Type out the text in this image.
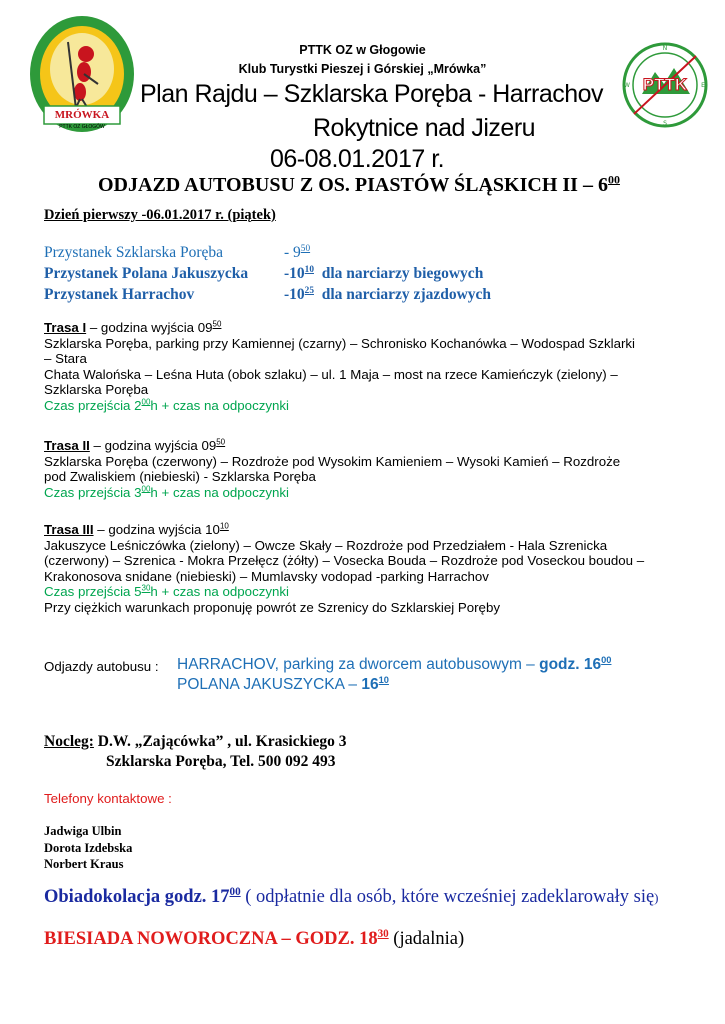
MRÓWKA
PTTK OZ GŁOGÓW
N
S
W	E
PTTK
PTTK OZ w Głogowie
Klub Turystki Pieszej i Górskiej „Mrówka”
Plan Rajdu – Szklarska Poręba - Harrachov
Rokytnice nad Jizeru
06-08.01.2017 r.
ODJAZD AUTOBUSU Z OS. PIASTÓW ŚLĄSKICH II – $6^{00}$
Dzień pierwszy -06.01.2017 r. (piątek)
Przystanek Szklarska Poręba	- $9^{50}$
Przystanek Polana Jakuszycka $-10^{10}$ dla narciarzy biegowych
Przystanek Harrachov	$-10^{25}$ dla narciarzy zjazdowych
Trasa I – godzina wyjścia $09^{50}$
Szklarska Poręba, parking przy Kamiennej (czarny) – Schronisko Kochanówka – Wodospad Szklarki
– Stara
Chata Walońska – Leśna Huta (obok szlaku) – ul. 1 Maja – most na rzece Kamieńczyk (zielony) –
Szklarska Poręba
Czas przejścia $2^{00}h$ + czas na odpoczynki
Trasa II – godzina wyjścia $09^{50}$
Szklarska Poręba (czerwony) – Rozdroże pod Wysokim Kamieniem – Wysoki Kamień – Rozdroże
pod Zwaliskiem (niebieski) - Szklarska Poręba
Czas przejścia $3^{00}h$ + czas na odpoczynki
Trasa III – godzina wyjścia $10^{10}$
Jakuszyce Leśniczówka (zielony) – Owcze Skały – Rozdroże pod Przedziałem - Hala Szrenicka
(czerwony) – Szrenica - Mokra Przełęcz (żółty) – Vosecka Bouda – Rozdroże pod Voseckou boudou –
Krakonosova snidane (niebieski) – Mumlavsky vodopad -parking Harrachov
Czas przejścia $5^{30}h$ + czas na odpoczynki
Przy ciężkich warunkach proponuję powrót ze Szrenicy do Szklarskiej Poręby
Odjazdy autobusu : HARRACHOV, parking za dworcem autobusowym – godz. $16^{00}$
POLANA JAKUSZYCKA – $16^{10}$
Nocleg: D.W. „Zającówka” , ul. Krasickiego 3
Szklarska Poręba, Tel. 500 092 493
Telefony kontaktowe :
Jadwiga Ulbin
Dorota Izdebska
Norbert Kraus
Obiadokolacja godz. $17^{00}$ ( odpłatnie dla osób, które wcześniej zadeklarowały się)
BIESIADA NOWOROCZNA – GODZ. $18^{30}$ (jadalnia)
